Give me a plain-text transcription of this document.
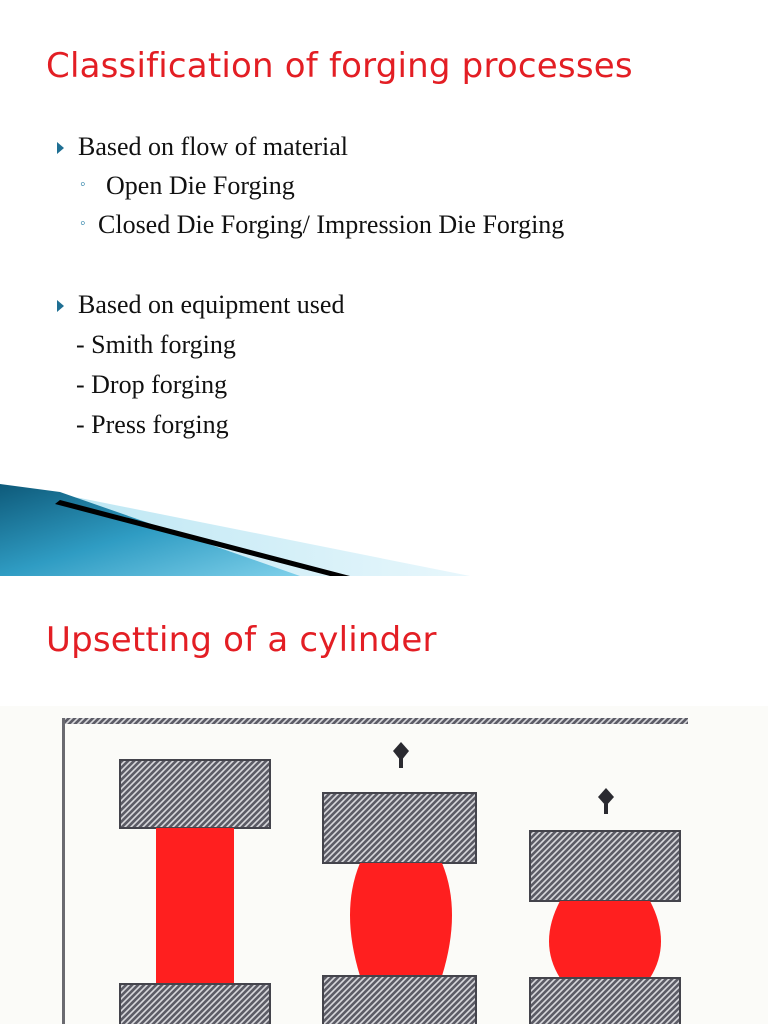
Classification of forging processes
Based on flow of material
◦ Open Die Forging
◦ Closed Die Forging/ Impression Die Forging
Based on equipment used
- Smith forging
- Drop forging
- Press forging
Upsetting of a cylinder
